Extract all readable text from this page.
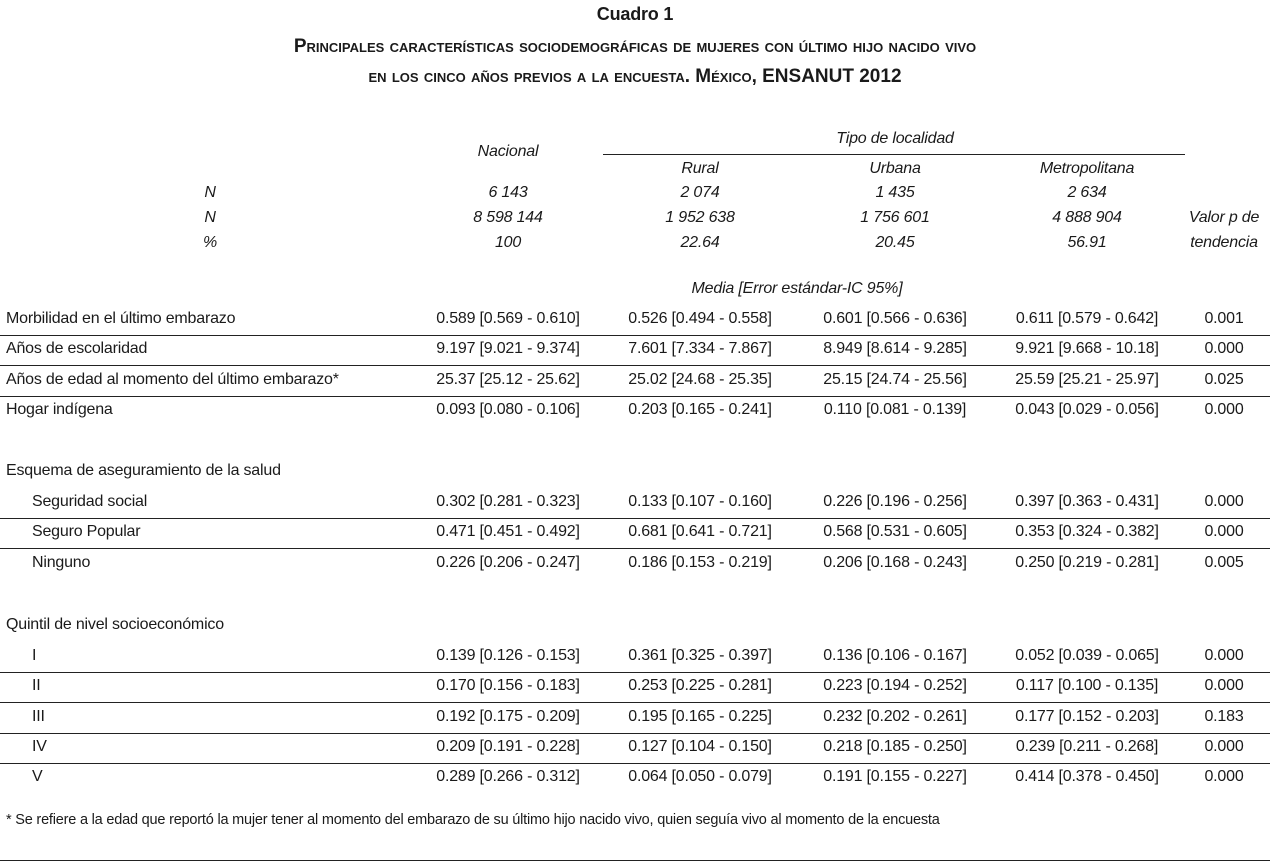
Cuadro 1
Principales características sociodemográficas de mujeres con último hijo nacido vivo
en los cinco años previos a la encuesta. México, ENSANUT 2012
Nacional
Tipo de localidad
Rural	Urbana	Metropolitana
Valor p de
tendencia
Media [Error estándar-IC 95%]
N	6 143	2 074	1 435	2 634
N	8 598 144	1 952 638	1 756 601	4 888 904
%	100	22.64	20.45	56.91
Morbilidad en el último embarazo	0.589 [0.569 - 0.610]	0.526 [0.494 - 0.558]	0.601 [0.566 - 0.636]	0.611 [0.579 - 0.642]	0.001
Años de escolaridad	9.197 [9.021 - 9.374]	7.601 [7.334 - 7.867]	8.949 [8.614 - 9.285]	9.921 [9.668 - 10.18]	0.000
Años de edad al momento del último embarazo*	25.37 [25.12 - 25.62]	25.02 [24.68 - 25.35]	25.15 [24.74 - 25.56]	25.59 [25.21 - 25.97]	0.025
Hogar indígena	0.093 [0.080 - 0.106]	0.203 [0.165 - 0.241]	0.110 [0.081 - 0.139]	0.043 [0.029 - 0.056]	0.000
Esquema de aseguramiento de la salud
Seguridad social	0.302 [0.281 - 0.323]	0.133 [0.107 - 0.160]	0.226 [0.196 - 0.256]	0.397 [0.363 - 0.431]	0.000
Seguro Popular	0.471 [0.451 - 0.492]	0.681 [0.641 - 0.721]	0.568 [0.531 - 0.605]	0.353 [0.324 - 0.382]	0.000
Ninguno	0.226 [0.206 - 0.247]	0.186 [0.153 - 0.219]	0.206 [0.168 - 0.243]	0.250 [0.219 - 0.281]	0.005
Quintil de nivel socioeconómico
I	0.139 [0.126 - 0.153]	0.361 [0.325 - 0.397]	0.136 [0.106 - 0.167]	0.052 [0.039 - 0.065]	0.000
II	0.170 [0.156 - 0.183]	0.253 [0.225 - 0.281]	0.223 [0.194 - 0.252]	0.117 [0.100 - 0.135]	0.000
III	0.192 [0.175 - 0.209]	0.195 [0.165 - 0.225]	0.232 [0.202 - 0.261]	0.177 [0.152 - 0.203]	0.183
IV	0.209 [0.191 - 0.228]	0.127 [0.104 - 0.150]	0.218 [0.185 - 0.250]	0.239 [0.211 - 0.268]	0.000
V	0.289 [0.266 - 0.312]	0.064 [0.050 - 0.079]	0.191 [0.155 - 0.227]	0.414 [0.378 - 0.450]	0.000
* Se refiere a la edad que reportó la mujer tener al momento del embarazo de su último hijo nacido vivo, quien seguía vivo al momento de la encuesta
